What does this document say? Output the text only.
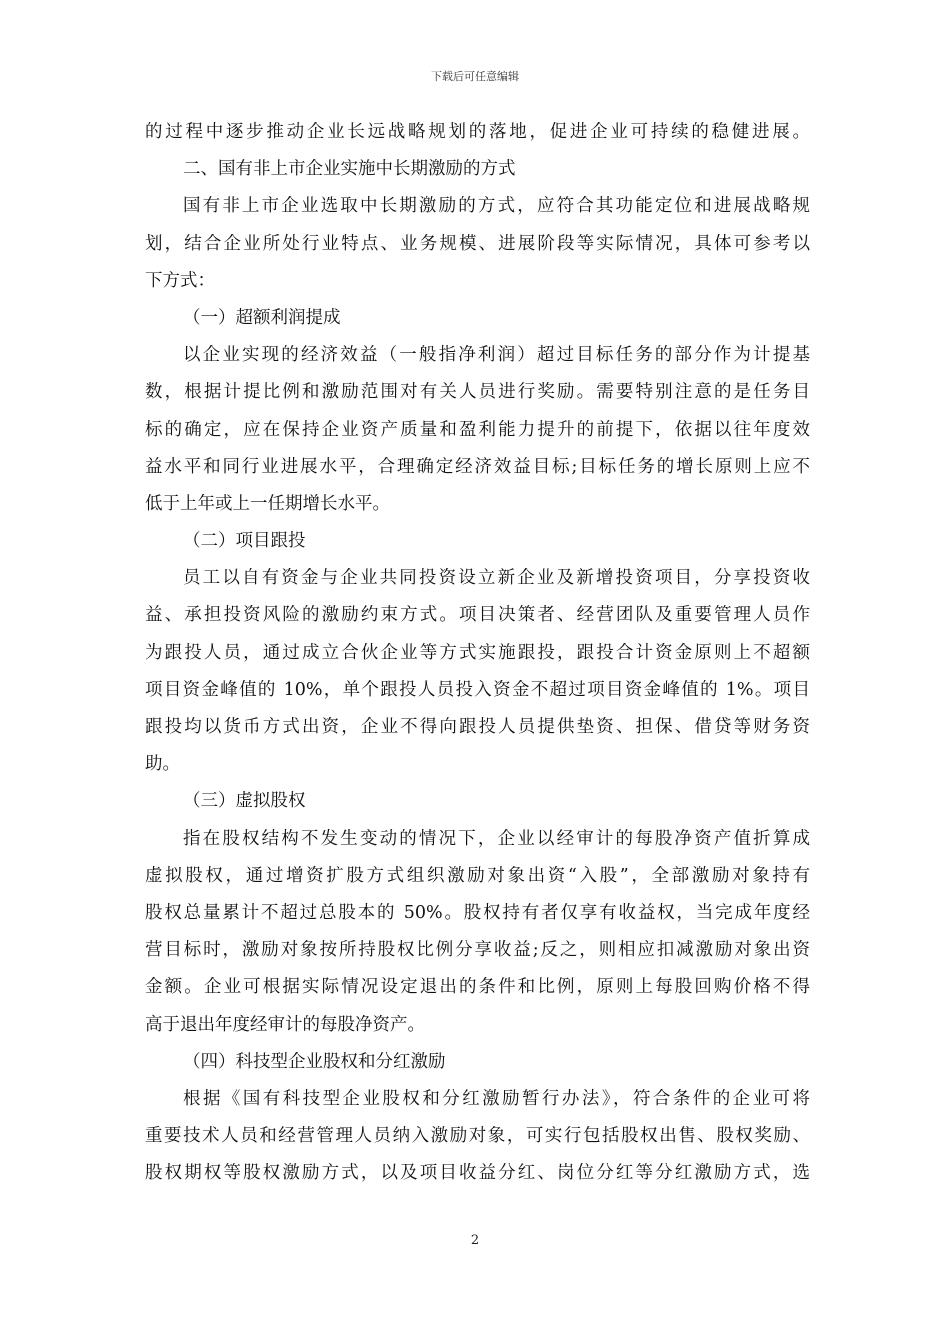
下载后可任意编辑
的过程中逐步推动企业长远战略规划的落地，促进企业可持续的稳健进展。
二、国有非上市企业实施中长期激励的方式
国有非上市企业选取中长期激励的方式，应符合其功能定位和进展战略规
划，结合企业所处行业特点、业务规模、进展阶段等实际情况，具体可参考以
下方式：
（一）超额利润提成
以企业实现的经济效益（一般指净利润）超过目标任务的部分作为计提基
数，根据计提比例和激励范围对有关人员进行奖励。需要特别注意的是任务目
标的确定，应在保持企业资产质量和盈利能力提升的前提下，依据以往年度效
益水平和同行业进展水平，合理确定经济效益目标;目标任务的增长原则上应不
低于上年或上一任期增长水平。
（二）项目跟投
员工以自有资金与企业共同投资设立新企业及新增投资项目，分享投资收
益、承担投资风险的激励约束方式。项目决策者、经营团队及重要管理人员作
为跟投人员，通过成立合伙企业等方式实施跟投，跟投合计资金原则上不超额
项目资金峰值的 10%，单个跟投人员投入资金不超过项目资金峰值的 1%。项目
跟投均以货币方式出资，企业不得向跟投人员提供垫资、担保、借贷等财务资
助。
（三）虚拟股权
指在股权结构不发生变动的情况下，企业以经审计的每股净资产值折算成
虚拟股权，通过增资扩股方式组织激励对象出资“入股”，全部激励对象持有
股权总量累计不超过总股本的 50%。股权持有者仅享有收益权，当完成年度经
营目标时，激励对象按所持股权比例分享收益;反之，则相应扣减激励对象出资
金额。企业可根据实际情况设定退出的条件和比例，原则上每股回购价格不得
高于退出年度经审计的每股净资产。
（四）科技型企业股权和分红激励
根据《国有科技型企业股权和分红激励暂行办法》，符合条件的企业可将
重要技术人员和经营管理人员纳入激励对象，可实行包括股权出售、股权奖励、
股权期权等股权激励方式，以及项目收益分红、岗位分红等分红激励方式，选
2
